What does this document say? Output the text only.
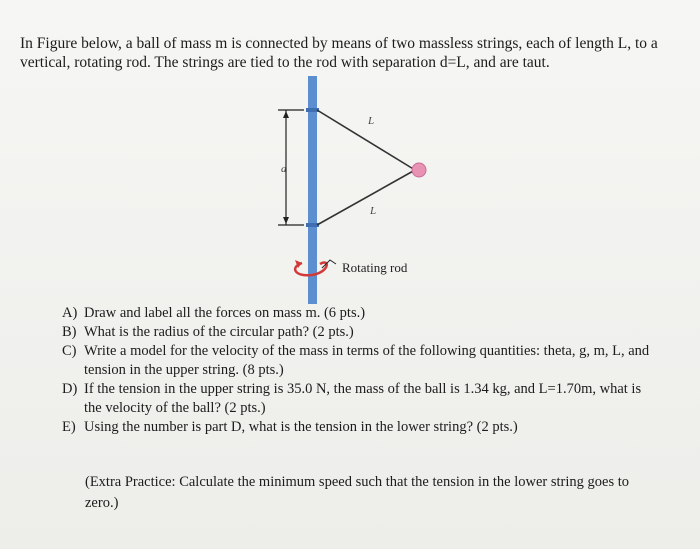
In Figure below, a ball of mass m is connected by means of two massless strings, each of length L, to a vertical, rotating rod. The strings are tied to the rod with separation d=L, and are taut.
L
L
d
Rotating rod
A) Draw and label all the forces on mass m. (6 pts.)
B) What is the radius of the circular path? (2 pts.)
C) Write a model for the velocity of the mass in terms of the following quantities: theta, g, m, L, and tension in the upper string. (8 pts.)
D) If the tension in the upper string is 35.0 N, the mass of the ball is 1.34 kg, and L=1.70m, what is the velocity of the ball? (2 pts.)
E) Using the number is part D, what is the tension in the lower string? (2 pts.)
(Extra Practice: Calculate the minimum speed such that the tension in the lower string goes to zero.)
